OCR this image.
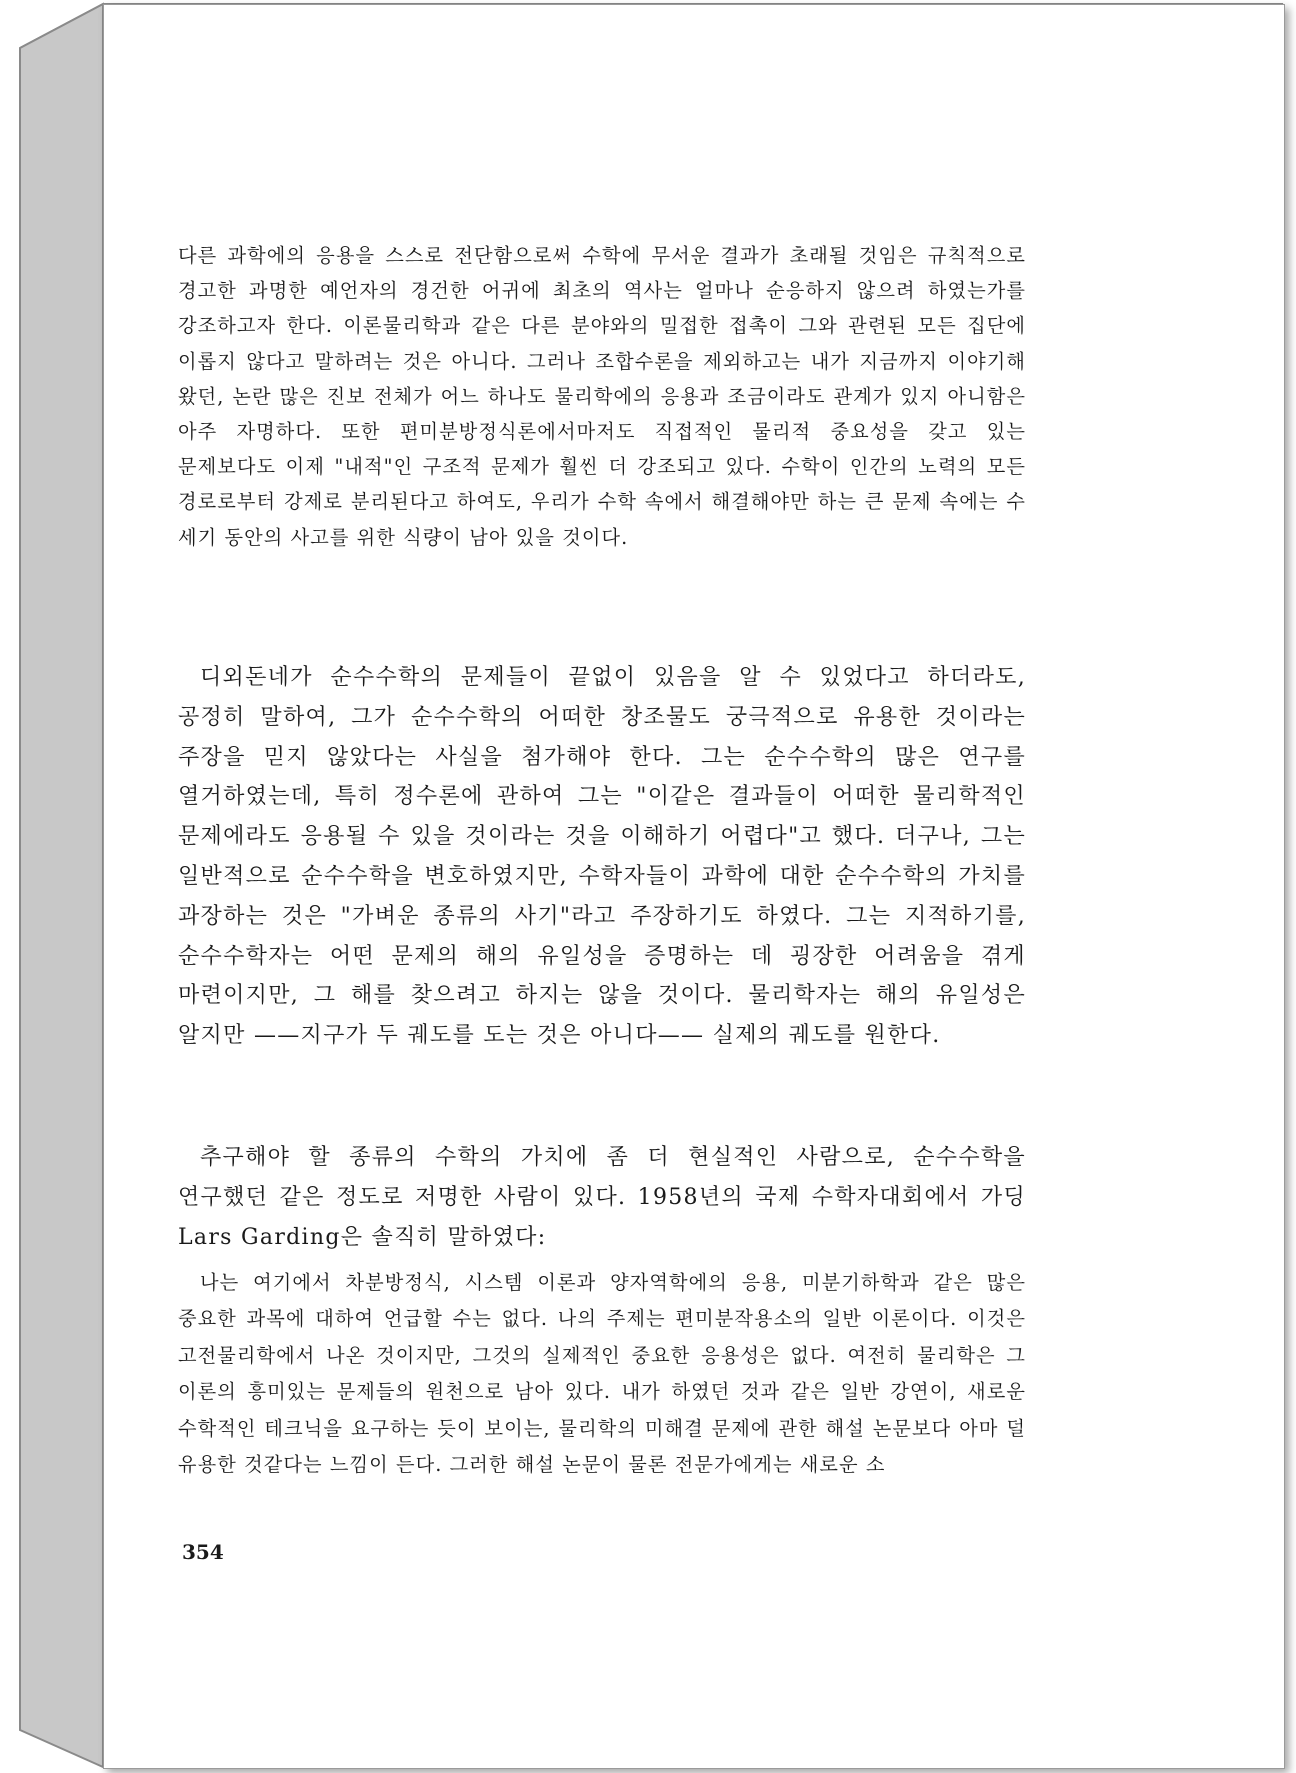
다른 과학에의 응용을 스스로 전단함으로써 수학에 무서운 결과가 초래될 것임은 규칙적으로 경고한 과명한 예언자의 경건한 어귀에 최초의 역사는 얼마나 순응하지 않으려 하였는가를 강조하고자 한다. 이론물리학과 같은 다른 분야와의 밀접한 접촉이 그와 관련된 모든 집단에 이롭지 않다고 말하려는 것은 아니다. 그러나 조합수론을 제외하고는 내가 지금까지 이야기해 왔던, 논란 많은 진보 전체가 어느 하나도 물리학에의 응용과 조금이라도 관계가 있지 아니함은 아주 자명하다. 또한 편미분방정식론에서마저도 직접적인 물리적 중요성을 갖고 있는 문제보다도 이제 "내적"인 구조적 문제가 훨씬 더 강조되고 있다. 수학이 인간의 노력의 모든 경로로부터 강제로 분리된다고 하여도, 우리가 수학 속에서 해결해야만 하는 큰 문제 속에는 수 세기 동안의 사고를 위한 식량이 남아 있을 것이다.
디외돈네가 순수수학의 문제들이 끝없이 있음을 알 수 있었다고 하더라도, 공정히 말하여, 그가 순수수학의 어떠한 창조물도 궁극적으로 유용한 것이라는 주장을 믿지 않았다는 사실을 첨가해야 한다. 그는 순수수학의 많은 연구를 열거하였는데, 특히 정수론에 관하여 그는 "이같은 결과들이 어떠한 물리학적인 문제에라도 응용될 수 있을 것이라는 것을 이해하기 어렵다"고 했다. 더구나, 그는 일반적으로 순수수학을 변호하였지만, 수학자들이 과학에 대한 순수수학의 가치를 과장하는 것은 "가벼운 종류의 사기"라고 주장하기도 하였다. 그는 지적하기를, 순수수학자는 어떤 문제의 해의 유일성을 증명하는 데 굉장한 어려움을 겪게 마련이지만, 그 해를 찾으려고 하지는 않을 것이다. 물리학자는 해의 유일성은 알지만 ——지구가 두 궤도를 도는 것은 아니다—— 실제의 궤도를 원한다.
추구해야 할 종류의 수학의 가치에 좀 더 현실적인 사람으로, 순수수학을 연구했던 같은 정도로 저명한 사람이 있다. 1958년의 국제 수학자대회에서 가딩 Lars Garding은 솔직히 말하였다:
나는 여기에서 차분방정식, 시스템 이론과 양자역학에의 응용, 미분기하학과 같은 많은 중요한 과목에 대하여 언급할 수는 없다. 나의 주제는 편미분작용소의 일반 이론이다. 이것은 고전물리학에서 나온 것이지만, 그것의 실제적인 중요한 응용성은 없다. 여전히 물리학은 그 이론의 흥미있는 문제들의 원천으로 남아 있다. 내가 하였던 것과 같은 일반 강연이, 새로운 수학적인 테크닉을 요구하는 듯이 보이는, 물리학의 미해결 문제에 관한 해설 논문보다 아마 덜 유용한 것같다는 느낌이 든다. 그러한 해설 논문이 물론 전문가에게는 새로운 소
354
